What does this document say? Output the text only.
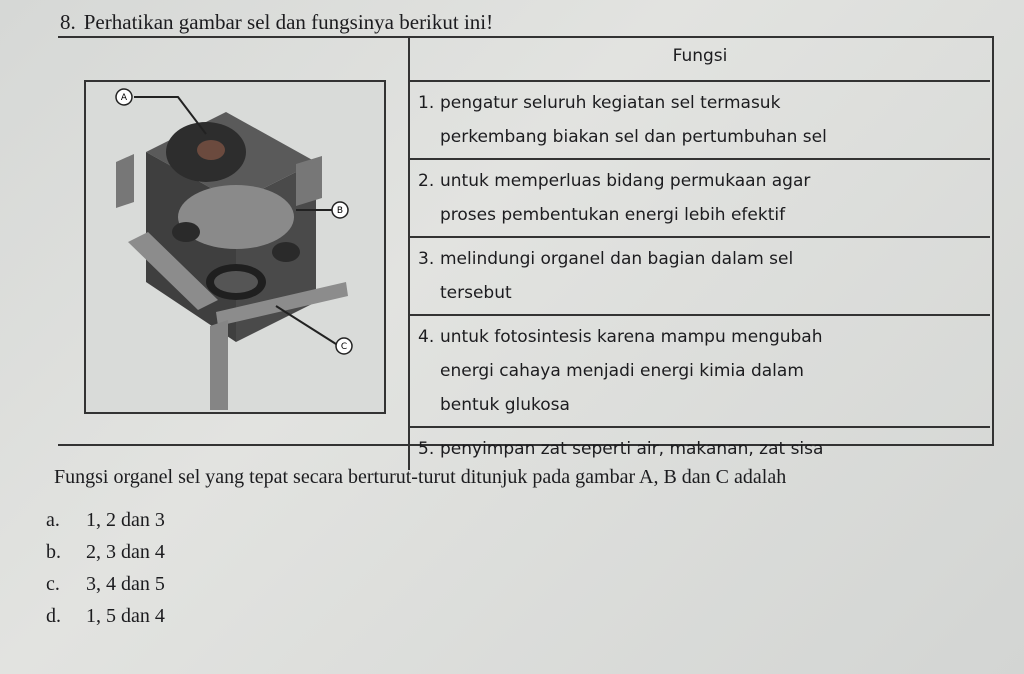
8. Perhatikan gambar sel dan fungsinya berikut ini!
A
B
C
Fungsi
1. pengatur seluruh kegiatan sel termasuk
perkembang biakan sel dan pertumbuhan sel
2. untuk memperluas bidang permukaan agar
proses pembentukan energi lebih efektif
3. melindungi organel dan bagian dalam sel
tersebut
4. untuk fotosintesis karena mampu mengubah
energi cahaya menjadi energi kimia dalam
bentuk glukosa
5. penyimpan zat seperti air, makanan, zat sisa
Fungsi organel sel yang tepat secara berturut-turut ditunjuk pada gambar A, B dan C adalah
a. 1, 2 dan 3
b. 2, 3 dan 4
c. 3, 4 dan 5
d. 1, 5 dan 4
